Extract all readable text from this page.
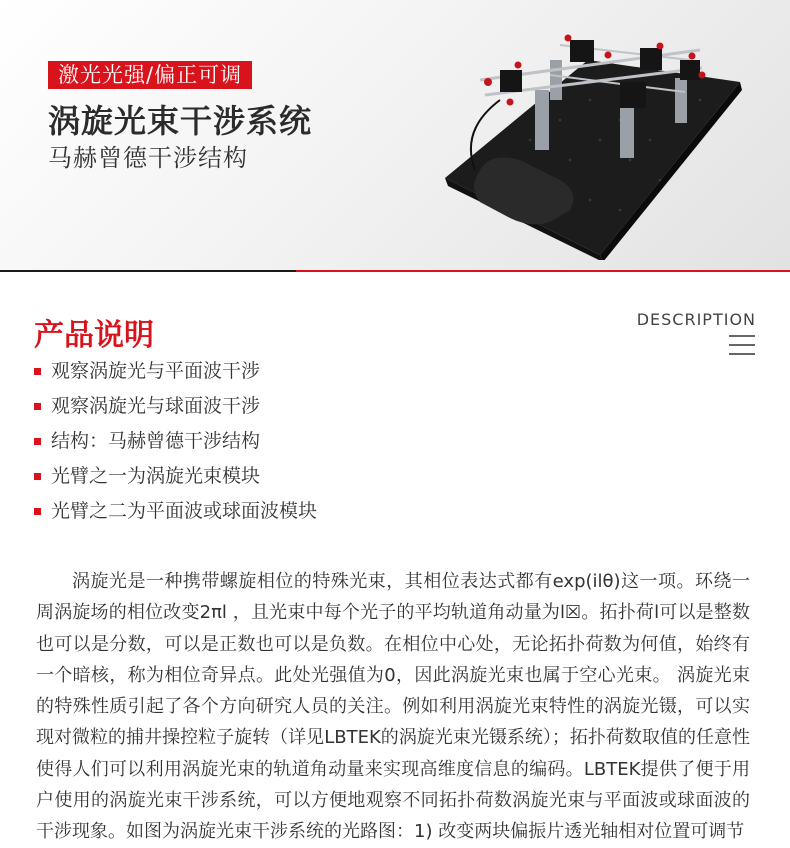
激光光强/偏正可调
涡旋光束干涉系统
马赫曾德干涉结构
产品说明	DESCRIPTION
观察涡旋光与平面波干涉
观察涡旋光与球面波干涉
结构：马赫曾德干涉结构
光臂之一为涡旋光束模块
光臂之二为平面波或球面波模块

涡旋光是一种携带螺旋相位的特殊光束，其相位表达式都有exp(ilθ)这一项。环绕一周涡旋场的相位改变2πl ，且光束中每个光子的平均轨道角动量为l☒。拓扑荷l可以是整数也可以是分数，可以是正数也可以是负数。在相位中心处，无论拓扑荷数为何值，始终有一个暗核，称为相位奇异点。此处光强值为0，因此涡旋光束也属于空心光束。 涡旋光束的特殊性质引起了各个方向研究人员的关注。例如利用涡旋光束特性的涡旋光镊，可以实现对微粒的捕井操控粒子旋转（详见LBTEK的涡旋光束光镊系统）；拓扑荷数取值的任意性使得人们可以利用涡旋光束的轨道角动量来实现高维度信息的编码。LBTEK提供了便于用户使用的涡旋光束干涉系统，可以方便地观察不同拓扑荷数涡旋光束与平面波或球面波的干涉现象。如图为涡旋光束干涉系统的光路图：1) 改变两块偏振片透光轴相对位置可调节
